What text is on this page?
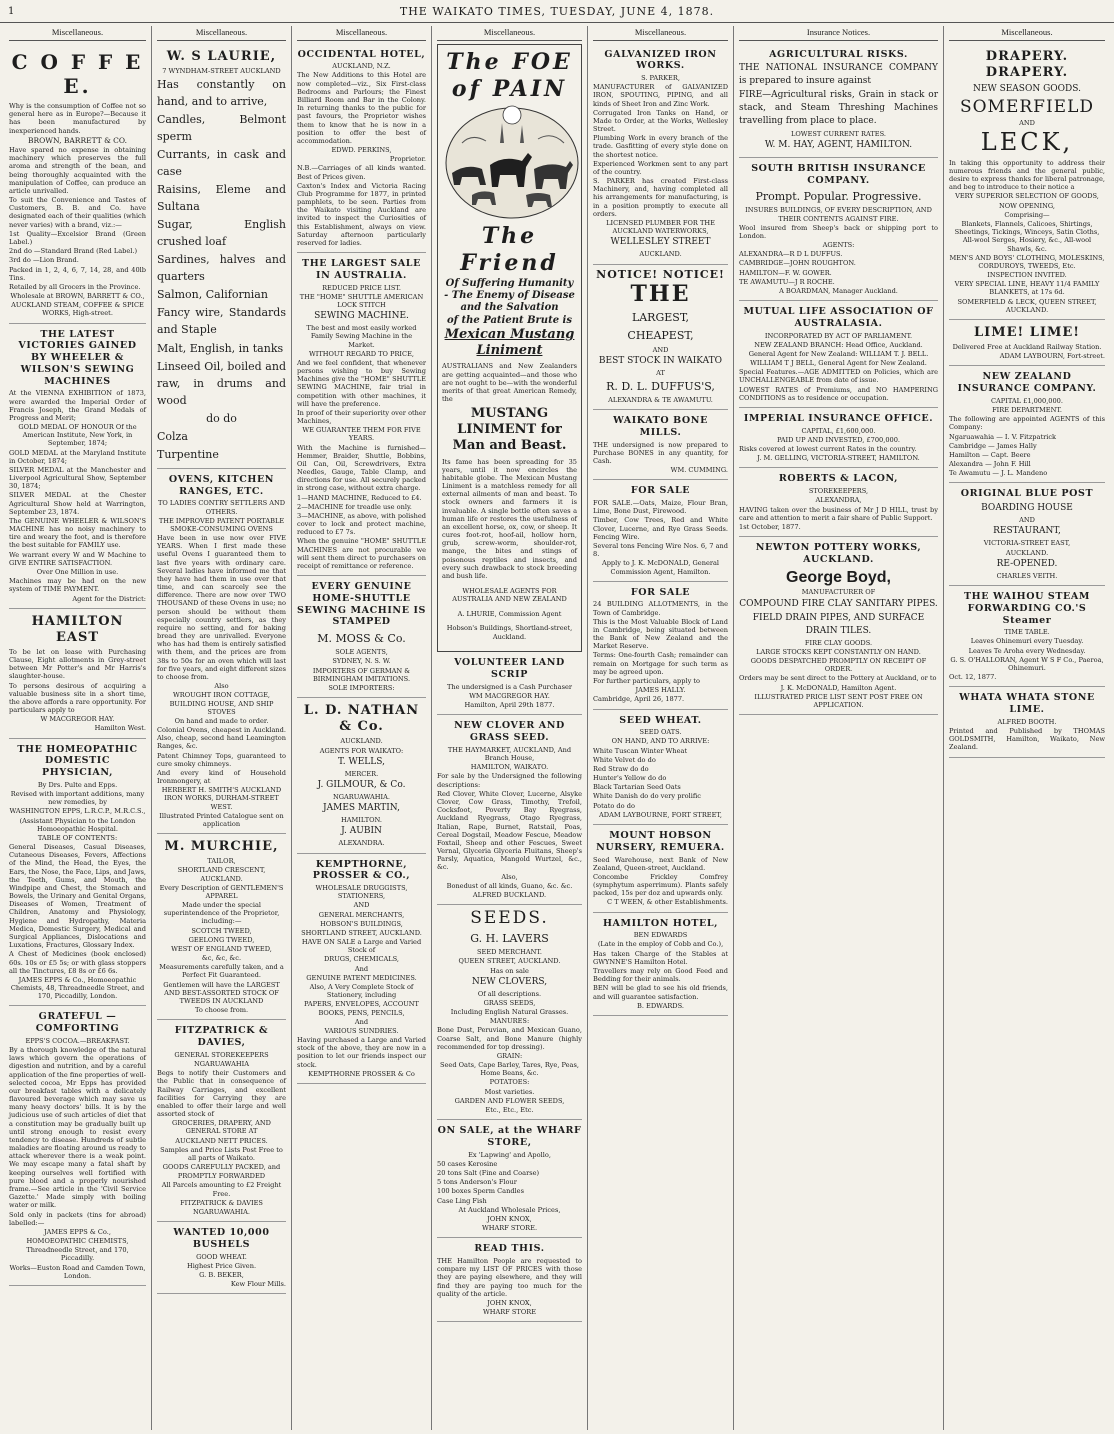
1	THE WAIKATO TIMES, TUESDAY, JUNE 4, 1878.
Miscellaneous.
C O F F E E.

Why is the consumption of Coffee not so general here as in Europe?—Because it has been manufactured by inexperienced hands.

BROWN, BARRETT & CO.

Have spared no expense in obtaining machinery which preserves the full aroma and strength of the bean, and being thoroughly acquainted with the manipulation of Coffee, can produce an article unrivalled.

To suit the Convenience and Tastes of Customers, B. B. and Co. have designated each of their qualities (which never varies) with a brand, viz.:—

1st Quality—Excelsior Brand (Green Label.)

2nd do —Standard Brand (Red Label.)

3rd do —Lion Brand.

Packed in 1, 2, 4, 6, 7, 14, 28, and 40lb Tins.

Retailed by all Grocers in the Province.

Wholesale at BROWN, BARRETT & CO.,

AUCKLAND STEAM, COFFEE & SPICE WORKS, High-street.

THE LATEST VICTORIES GAINED BY WHEELER & WILSON'S SEWING MACHINES

At the VIENNA EXHIBITION of 1873, were awarded the Imperial Order of Francis Joseph, the Grand Medals of Progress and Merit;

GOLD MEDAL OF HONOUR Of the American Institute, New York, in September, 1874;

GOLD MEDAL at the Maryland Institute in October, 1874;

SILVER MEDAL at the Manchester and Liverpool Agricultural Show, September 30, 1874;

SILVER MEDAL at the Chester Agricultural Show held at Warrington, September 23, 1874.

The GENUINE WHEELER & WILSON'S MACHINE has no noisy machinery to tire and weary the foot, and is therefore the best suitable for FAMILY use.

We warrant every W and W Machine to GIVE ENTIRE SATISFACTION.

Over One Million in use.

Machines may be had on the new system of TIME PAYMENT.

Agent for the District:

HAMILTON EAST

To be let on lease with Purchasing Clause, Eight allotments in Grey-street between Mr Potter's and Mr Harris's slaughter-house.

To persons desirous of acquiring a valuable business site in a short time, the above affords a rare opportunity. For particulars apply to

W MACGREGOR HAY.

Hamilton West.

THE HOMEOPATHIC DOMESTIC PHYSICIAN,

By Drs. Pulte and Epps.

Revised with important additions, many new remedies, by

WASHINGTON EPPS, L.R.C.P., M.R.C.S.,

(Assistant Physician to the London Homoeopathic Hospital.

TABLE OF CONTENTS:

General Diseases, Casual Diseases, Cutaneous Diseases, Fevers, Affections of the Mind, the Head, the Eyes, the Ears, the Nose, the Face, Lips, and Jaws, the Teeth, Gums, and Mouth, the Windpipe and Chest, the Stomach and Bowels, the Urinary and Genital Organs, Diseases of Women, Treatment of Children, Anatomy and Physiology, Hygiene and Hydropathy, Materia Medica, Domestic Surgery, Medical and Surgical Appliances, Dislocations and Luxations, Fractures, Glossary Index.

A Chest of Medicines (book enclosed) 60s. 10s or £5 5s; or with glass stoppers all the Tinctures, £8 8s or £6 6s.

JAMES EPPS & Co., Homoeopathic Chemists, 48, Threadneedle Street, and 170, Piccadilly, London.

GRATEFUL — COMFORTING

EPPS'S COCOA.—BREAKFAST.

By a thorough knowledge of the natural laws which govern the operations of digestion and nutrition, and by a careful application of the fine properties of well-selected cocoa, Mr Epps has provided our breakfast tables with a delicately flavoured beverage which may save us many heavy doctors' bills. It is by the judicious use of such articles of diet that a constitution may be gradually built up until strong enough to resist every tendency to disease. Hundreds of subtle maladies are floating around us ready to attack wherever there is a weak point. We may escape many a fatal shaft by keeping ourselves well fortified with pure blood and a properly nourished frame.—See article in the 'Civil Service Gazette.' Made simply with boiling water or milk.

Sold only in packets (tins for abroad) labelled:—

JAMES EPPS & Co.,

HOMOEOPATHIC CHEMISTS,

Threadneedle Street, and 170, Piccadilly.

Works—Euston Road and Camden Town, London.

Miscellaneous.
W. S LAURIE,

7 WYNDHAM-STREET AUCKLAND

Has constantly on hand, and to arrive,

Candles, Belmont sperm

Currants, in cask and case

Raisins, Eleme and Sultana

Sugar, English crushed loaf

Sardines, halves and quarters

Salmon, Californian

Fancy wire, Standards and Staple

Malt, English, in tanks

Linseed Oil, boiled and raw, in drums and wood

do do

Colza

Turpentine

OVENS, KITCHEN RANGES, ETC.

TO LADIES CONTRY SETTLERS AND OTHERS.

THE IMPROVED PATENT PORTABLE SMOKE-CONSUMING OVENS

Have been in use now over FIVE YEARS. When I first made these useful Ovens I guaranteed them to last five years with ordinary care. Several ladies have informed me that they have had them in use over that time, and can scarcely see the difference. There are now over TWO THOUSAND of these Ovens in use; no person should be without them especially country settlers, as they require no setting, and for baking bread they are unrivalled. Everyone who has had them is entirely satisfied with them, and the prices are from 38s to 50s for an oven which will last for five years, and eight different sizes to choose from.

Also

WROUGHT IRON COTTAGE, BUILDING HOUSE, AND SHIP STOVES

On hand and made to order.

Colonial Ovens, cheapest in Auckland. Also, cheap, second hand Leamington Ranges, &c.

Patent Chimney Tops, guaranteed to cure smoky chimneys.

And every kind of Household Ironmongery, at

HERBERT H. SMITH'S AUCKLAND IRON WORKS, DURHAM-STREET WEST.

Illustrated Printed Catalogue sent on application

M. MURCHIE,

TAILOR,

SHORTLAND CRESCENT, AUCKLAND.

Every Description of GENTLEMEN'S APPAREL

Made under the special superintendence of the Proprietor, including:—

SCOTCH TWEED,

GEELONG TWEED,

WEST OF ENGLAND TWEED,

&c, &c, &c.

Measurements carefully taken, and a Perfect Fit Guaranteed.

Gentlemen will have the LARGEST AND BEST-ASSORTED STOCK OF TWEEDS IN AUCKLAND

To choose from.

FITZPATRICK & DAVIES,

GENERAL STOREKEEPERS

NGARUAWAHIA

Begs to notify their Customers and the Public that in consequence of Railway Carriages, and excellent facilities for Carrying they are enabled to offer their large and well assorted stock of

GROCERIES, DRAPERY, AND GENERAL STORE AT

AUCKLAND NETT PRICES.

Samples and Price Lists Post Free to all parts of Waikato.

GOODS CAREFULLY PACKED, and

PROMPTLY FORWARDED

All Parcels amounting to £2 Freight Free.

FITZPATRICK & DAVIES

NGARUAWAHIA.

WANTED 10,000 BUSHELS

GOOD WHEAT.

Highest Price Given.

G. B. BEKER,

Kew Flour Mills.

Miscellaneous.
OCCIDENTAL HOTEL,

AUCKLAND, N.Z.

The New Additions to this Hotel are now completed—viz., Six First-class Bedrooms and Parlours; the Finest Billiard Room and Bar in the Colony. In returning thanks to the public for past favours, the Proprietor wishes them to know that he is now in a position to offer the best of accommodation.

EDWD. PERKINS,

Proprietor.

N.B.—Carriages of all kinds wanted. Best of Prices given.

Caxton's Index and Victoria Racing Club Programme for 1877, in printed pamphlets, to be seen. Parties from the Waikato visiting Auckland are invited to inspect the Curiosities of this Establishment, always on view. Saturday afternoon particularly reserved for ladies.

THE LARGEST SALE IN AUSTRALIA.

REDUCED PRICE LIST.

THE "HOME" SHUTTLE AMERICAN LOCK STITCH

SEWING MACHINE.

The best and most easily worked Family Sewing Machine in the Market.

WITHOUT REGARD TO PRICE,

And we feel confident, that whenever persons wishing to buy Sewing Machines give the "HOME" SHUTTLE SEWING MACHINE, fair trial in competition with other machines, it will have the preference.

In proof of their superiority over other Machines,

WE GUARANTEE THEM FOR FIVE YEARS.

With the Machine is furnished—Hemmer, Braider, Shuttle, Bobbins, Oil Can, Oil, Screwdrivers, Extra Needles, Gauge, Table Clamp, and directions for use. All securely packed in strong case, without extra charge.

1—HAND MACHINE, Reduced to £4.

2—MACHINE for treadle use only.

3—MACHINE, as above, with polished cover to lock and protect machine, reduced to £7 7s.

When the genuine "HOME" SHUTTLE MACHINES are not procurable we will sent them direct to purchasers on receipt of remittance or reference.

EVERY GENUINE HOME-SHUTTLE SEWING MACHINE IS STAMPED

M. MOSS & Co.

SOLE AGENTS,

SYDNEY, N. S. W.

IMPORTERS OF GERMAN & BIRMINGHAM IMITATIONS.

SOLE IMPORTERS:

L. D. NATHAN & Co.

AUCKLAND.

AGENTS FOR WAIKATO:

T. WELLS,

MERCER.

J. GILMOUR, & Co.

NGARUAWAHIA.

JAMES MARTIN,

HAMILTON.

J. AUBIN

ALEXANDRA.

KEMPTHORNE, PROSSER & CO.,

WHOLESALE DRUGGISTS, STATIONERS,

AND

GENERAL MERCHANTS,

HOBSON'S BUILDINGS,

SHORTLAND STREET, AUCKLAND.

HAVE ON SALE a Large and Varied Stock of

DRUGS, CHEMICALS,

And

GENUINE PATENT MEDICINES.

Also, A Very Complete Stock of Stationery, including

PAPERS, ENVELOPES, ACCOUNT BOOKS, PENS, PENCILS,

And

VARIOUS SUNDRIES.

Having purchased a Large and Varied stock of the above, they are now in a position to let our friends inspect our stock.

KEMPTHORNE PROSSER & Co

Miscellaneous.
The FOE of PAIN
The Friend
Of Suffering Humanity - The Enemy of Disease and the Salvation
of the Patient Brute is
Mexican Mustang Liniment

AUSTRALIANS and New Zealanders are getting acquainted—and those who are not ought to be—with the wonderful merits of that great American Remedy, the

MUSTANG LINIMENT for Man and Beast.

Its fame has been spreading for 35 years, until it now encircles the habitable globe. The Mexican Mustang Liniment is a matchless remedy for all external ailments of man and beast. To stock owners and farmers it is invaluable. A single bottle often saves a human life or restores the usefulness of an excellent horse, ox, cow, or sheep. It cures foot-rot, hoof-ail, hollow horn, grub, screw-worm, shoulder-rot, mange, the bites and stings of poisonous reptiles and insects, and every such drawback to stock breeding and bush life.

WHOLESALE AGENTS FOR AUSTRALIA AND NEW ZEALAND

A. LHURIE, Commission Agent

Hobson's Buildings, Shortland-street, Auckland.

VOLUNTEER LAND SCRIP

The undersigned is a Cash Purchaser

WM MACGREGOR HAY.

Hamilton, April 29th 1877.

NEW CLOVER AND GRASS SEED.

THE HAYMARKET, AUCKLAND, And Branch House,

HAMILTON, WAIKATO.

For sale by the Undersigned the following descriptions:

Red Clover, White Clover, Lucerne, Alsyke Clover, Cow Grass, Timothy, Trefoil, Cocksfoot, Poverty Bay Ryegrass, Auckland Ryegrass, Otago Ryegrass, Italian, Rape, Burnet, Ratstail, Poas, Cereal Dogstail, Meadow Fescue, Meadow Foxtail, Sheep and other Fescues, Sweet Vernal, Glyceria Glyceria Fluitans, Sheep's Parsly, Aquatica, Mangold Wurtzel, &c., &c.

Also,

Bonedust of all kinds, Guano, &c. &c.

ALFRED BUCKLAND.

SEEDS.

G. H. LAVERS

SEED MERCHANT.

QUEEN STREET, AUCKLAND.

Has on sale

NEW CLOVERS,

Of all descriptions.

GRASS SEEDS,

Including English Natural Grasses.

MANURES:

Bone Dust, Peruvian, and Mexican Guano, Coarse Salt, and Bone Manure (highly recommended for top dressing).

GRAIN:

Seed Oats, Cape Barley, Tares, Rye, Peas, Home Beans, &c.

POTATOES:

Most varieties.

GARDEN AND FLOWER SEEDS,

Etc., Etc., Etc.

ON SALE, at the WHARF STORE,

Ex 'Lapwing' and Apollo,

50 cases Kerosine

20 tons Salt (Fine and Coarse)

5 tons Anderson's Flour

100 boxes Sperm Candles

Case Ling Fish

At Auckland Wholesale Prices,

JOHN KNOX,

WHARF STORE.

READ THIS.

THE Hamilton People are requested to compare my LIST OF PRICES with those they are paying elsewhere, and they will find they are paying too much for the quality of the article.

JOHN KNOX,

WHARF STORE

Miscellaneous.
GALVANIZED IRON WORKS.

S. PARKER,

MANUFACTURER of GALVANIZED IRON, SPOUTING, PIPING, and all kinds of Sheet Iron and Zinc Work.

Corrugated Iron Tanks on Hand, or Made to Order, at the Works, Wellesley Street.

Plumbing Work in every branch of the trade. Gasfitting of every style done on the shortest notice.

Experienced Workmen sent to any part of the country.

S. PARKER has created First-class Machinery, and, having completed all his arrangements for manufacturing, is in a position promptly to execute all orders.

LICENSED PLUMBER FOR THE AUCKLAND WATERWORKS,

WELLESLEY STREET

AUCKLAND.

NOTICE! NOTICE!
THE

LARGEST,

CHEAPEST,

AND

BEST STOCK IN WAIKATO

AT

R. D. L. DUFFUS'S,

ALEXANDRA & TE AWAMUTU.

WAIKATO BONE MILLS.

THE undersigned is now prepared to Purchase BONES in any quantity, for Cash.

WM. CUMMING.

FOR SALE

FOR SALE.—Oats, Maize, Flour Bran, Lime, Bone Dust, Firewood.

Timber, Cow Trees, Red and White Clover, Lucerne, and Rye Grass Seeds. Fencing Wire.

Several tons Fencing Wire Nos. 6, 7 and 8.

Apply to J. K. McDONALD, General Commission Agent, Hamilton.

FOR SALE

24 BUILDING ALLOTMENTS, in the Town of Cambridge.

This is the Most Valuable Block of Land in Cambridge, being situated between the Bank of New Zealand and the Market Reserve.

Terms: One-fourth Cash; remainder can remain on Mortgage for such term as may be agreed upon.

For further particulars, apply to

JAMES HALLY.

Cambridge, April 26, 1877.

SEED WHEAT.

SEED OATS.

ON HAND, AND TO ARRIVE:

White Tuscan Winter Wheat

White Velvet do do

Red Straw do do

Hunter's Yellow do do

Black Tartarian Seed Oats

White Danish do do very prolific

Potato do do

ADAM LAYBOURNE, FORT STREET,

MOUNT HOBSON NURSERY, REMUERA.

Seed Warehouse, next Bank of New Zealand, Queen-street, Auckland.

Concombe Frickley Comfrey (symphytum asperrimum). Plants safely packed, 15s per doz and upwards only.

C T WEEN, & other Establishments.

HAMILTON HOTEL,

BEN EDWARDS

(Late in the employ of Cobb and Co.),

Has taken Charge of the Stables at GWYNNE'S Hamilton Hotel.

Travellers may rely on Good Feed and Bedding for their animals.

BEN will be glad to see his old friends, and will guarantee satisfaction.

B. EDWARDS.

Insurance Notices.
AGRICULTURAL RISKS.

THE NATIONAL INSURANCE COMPANY is prepared to insure against

FIRE—Agricultural risks, Grain in stack or stack, and Steam Threshing Machines travelling from place to place.

LOWEST CURRENT RATES.

W. M. HAY, AGENT, HAMILTON.

SOUTH BRITISH INSURANCE COMPANY.

Prompt. Popular. Progressive.

INSURES BUILDINGS, OF EVERY DESCRIPTION, AND THEIR CONTENTS AGAINST FIRE.

Wool insured from Sheep's back or shipping port to London.

AGENTS:

ALEXANDRA—R D L DUFFUS.

CAMBRIDGE—JOHN ROUGHTON.

HAMILTON—F. W. GOWER.

TE AWAMUTU—J R ROCHE.

A BOARDMAN, Manager Auckland.

MUTUAL LIFE ASSOCIATION OF AUSTRALASIA.

INCORPORATED BY ACT OF PARLIAMENT.

NEW ZEALAND BRANCH: Head Office, Auckland.

General Agent for New Zealand: WILLIAM T. J. BELL.

WILLIAM T J BELL, General Agent for New Zealand.

Special Features.—AGE ADMITTED on Policies, which are UNCHALLENGEABLE from date of issue.

LOWEST RATES of Premiums, and NO HAMPERING CONDITIONS as to residence or occupation.

IMPERIAL INSURANCE OFFICE.

CAPITAL, £1,600,000.

PAID UP AND INVESTED, £700,000.

Risks covered at lowest current Rates in the country.

J. M. GELLING, VICTORIA-STREET, HAMILTON.

ROBERTS & LACON,

STOREKEEPERS,

ALEXANDRA,

HAVING taken over the business of Mr J D HILL, trust by care and attention to merit a fair share of Public Support.

1st October, 1877.

NEWTON POTTERY WORKS, AUCKLAND.
George Boyd,

MANUFACTURER OF

COMPOUND FIRE CLAY SANITARY PIPES.

FIELD DRAIN PIPES, AND SURFACE DRAIN TILES.

FIRE CLAY GOODS.

LARGE STOCKS KEPT CONSTANTLY ON HAND.

GOODS DESPATCHED PROMPTLY ON RECEIPT OF ORDER.

Orders may be sent direct to the Pottery at Auckland, or to

J. K. McDONALD, Hamilton Agent.

ILLUSTRATED PRICE LIST SENT POST FREE ON APPLICATION.

Miscellaneous.
DRAPERY. DRAPERY.

NEW SEASON GOODS.

SOMERFIELD

AND

LECK,

In taking this opportunity to address their numerous friends and the general public, desire to express thanks for liberal patronage, and beg to introduce to their notice a

VERY SUPERIOR SELECTION OF GOODS,

NOW OPENING,

Comprising—

Blankets, Flannels, Calicoes, Shirtings, Sheetings, Tickings, Winceys, Satin Cloths, All-wool Serges, Hosiery, &c., All-wool Shawls, &c.

MEN'S AND BOYS' CLOTHING, MOLESKINS, CORDUROYS, TWEEDS, Etc.

INSPECTION INVITED.

VERY SPECIAL LINE, HEAVY 11/4 FAMILY BLANKETS, at 17s 6d.

SOMERFIELD & LECK, QUEEN STREET, AUCKLAND.

LIME! LIME!

Delivered Free at Auckland Railway Station.

ADAM LAYBOURN, Fort-street.

NEW ZEALAND INSURANCE COMPANY.

CAPITAL £1,000,000.

FIRE DEPARTMENT.

The following are appointed AGENTS of this Company:

Ngaruawahia — I. V. Fitzpatrick

Cambridge — James Hally

Hamilton — Capt. Beere

Alexandra — John F. Hill

Te Awamutu — J. L. Mandeno

ORIGINAL BLUE POST

BOARDING HOUSE

AND

RESTAURANT,

VICTORIA-STREET EAST,

AUCKLAND.

RE-OPENED.

CHARLES VEITH.

THE WAIHOU STEAM FORWARDING CO.'S Steamer

TIME TABLE.

Leaves Ohinemuri every Tuesday.

Leaves Te Aroha every Wednesday.

G. S. O'HALLORAN, Agent W S F Co., Paeroa, Ohinemuri.

Oct. 12, 1877.

WHATA WHATA STONE LIME.

ALFRED BOOTH.

Printed and Published by THOMAS GOLDSMITH, Hamilton, Waikato, New Zealand.
